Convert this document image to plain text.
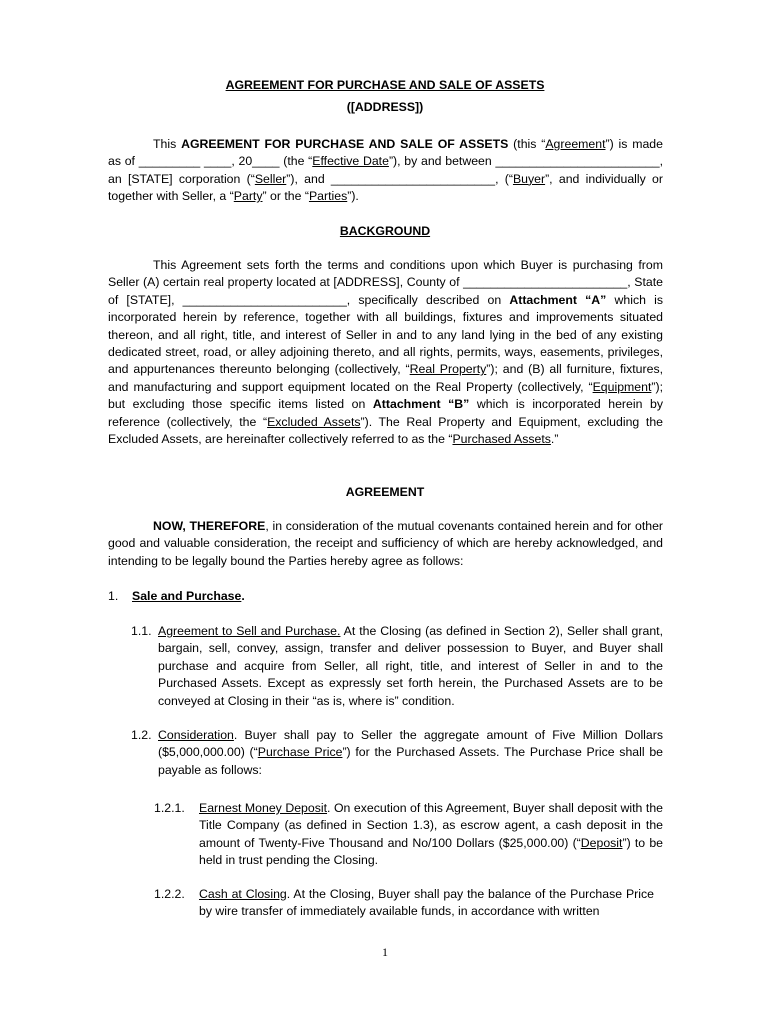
AGREEMENT FOR PURCHASE AND SALE OF ASSETS
([ADDRESS])
This AGREEMENT FOR PURCHASE AND SALE OF ASSETS (this “Agreement”) is made as of _________ ____, 20____ (the “Effective Date”), by and between ________________________, an [STATE] corporation (“Seller”), and ________________________, (“Buyer”, and individually or together with Seller, a “Party” or the “Parties”).
BACKGROUND
This Agreement sets forth the terms and conditions upon which Buyer is purchasing from Seller (A) certain real property located at [ADDRESS], County of ________________________, State of [STATE], ________________________, specifically described on Attachment “A” which is incorporated herein by reference, together with all buildings, fixtures and improvements situated thereon, and all right, title, and interest of Seller in and to any land lying in the bed of any existing dedicated street, road, or alley adjoining thereto, and all rights, permits, ways, easements, privileges, and appurtenances thereunto belonging (collectively, “Real Property”); and (B) all furniture, fixtures, and manufacturing and support equipment located on the Real Property (collectively, “Equipment”); but excluding those specific items listed on Attachment “B” which is incorporated herein by reference (collectively, the “Excluded Assets”). The Real Property and Equipment, excluding the Excluded Assets, are hereinafter collectively referred to as the “Purchased Assets.”
AGREEMENT
NOW, THEREFORE, in consideration of the mutual covenants contained herein and for other good and valuable consideration, the receipt and sufficiency of which are hereby acknowledged, and intending to be legally bound the Parties hereby agree as follows:
1. Sale and Purchase.
1.1. Agreement to Sell and Purchase. At the Closing (as defined in Section 2), Seller shall grant, bargain, sell, convey, assign, transfer and deliver possession to Buyer, and Buyer shall purchase and acquire from Seller, all right, title, and interest of Seller in and to the Purchased Assets. Except as expressly set forth herein, the Purchased Assets are to be conveyed at Closing in their “as is, where is” condition.
1.2. Consideration. Buyer shall pay to Seller the aggregate amount of Five Million Dollars ($5,000,000.00) (“Purchase Price”) for the Purchased Assets. The Purchase Price shall be payable as follows:
1.2.1. Earnest Money Deposit. On execution of this Agreement, Buyer shall deposit with the Title Company (as defined in Section 1.3), as escrow agent, a cash deposit in the amount of Twenty-Five Thousand and No/100 Dollars ($25,000.00) (“Deposit”) to be held in trust pending the Closing.
1.2.2. Cash at Closing. At the Closing, Buyer shall pay the balance of the Purchase Price by wire transfer of immediately available funds, in accordance with written
1
